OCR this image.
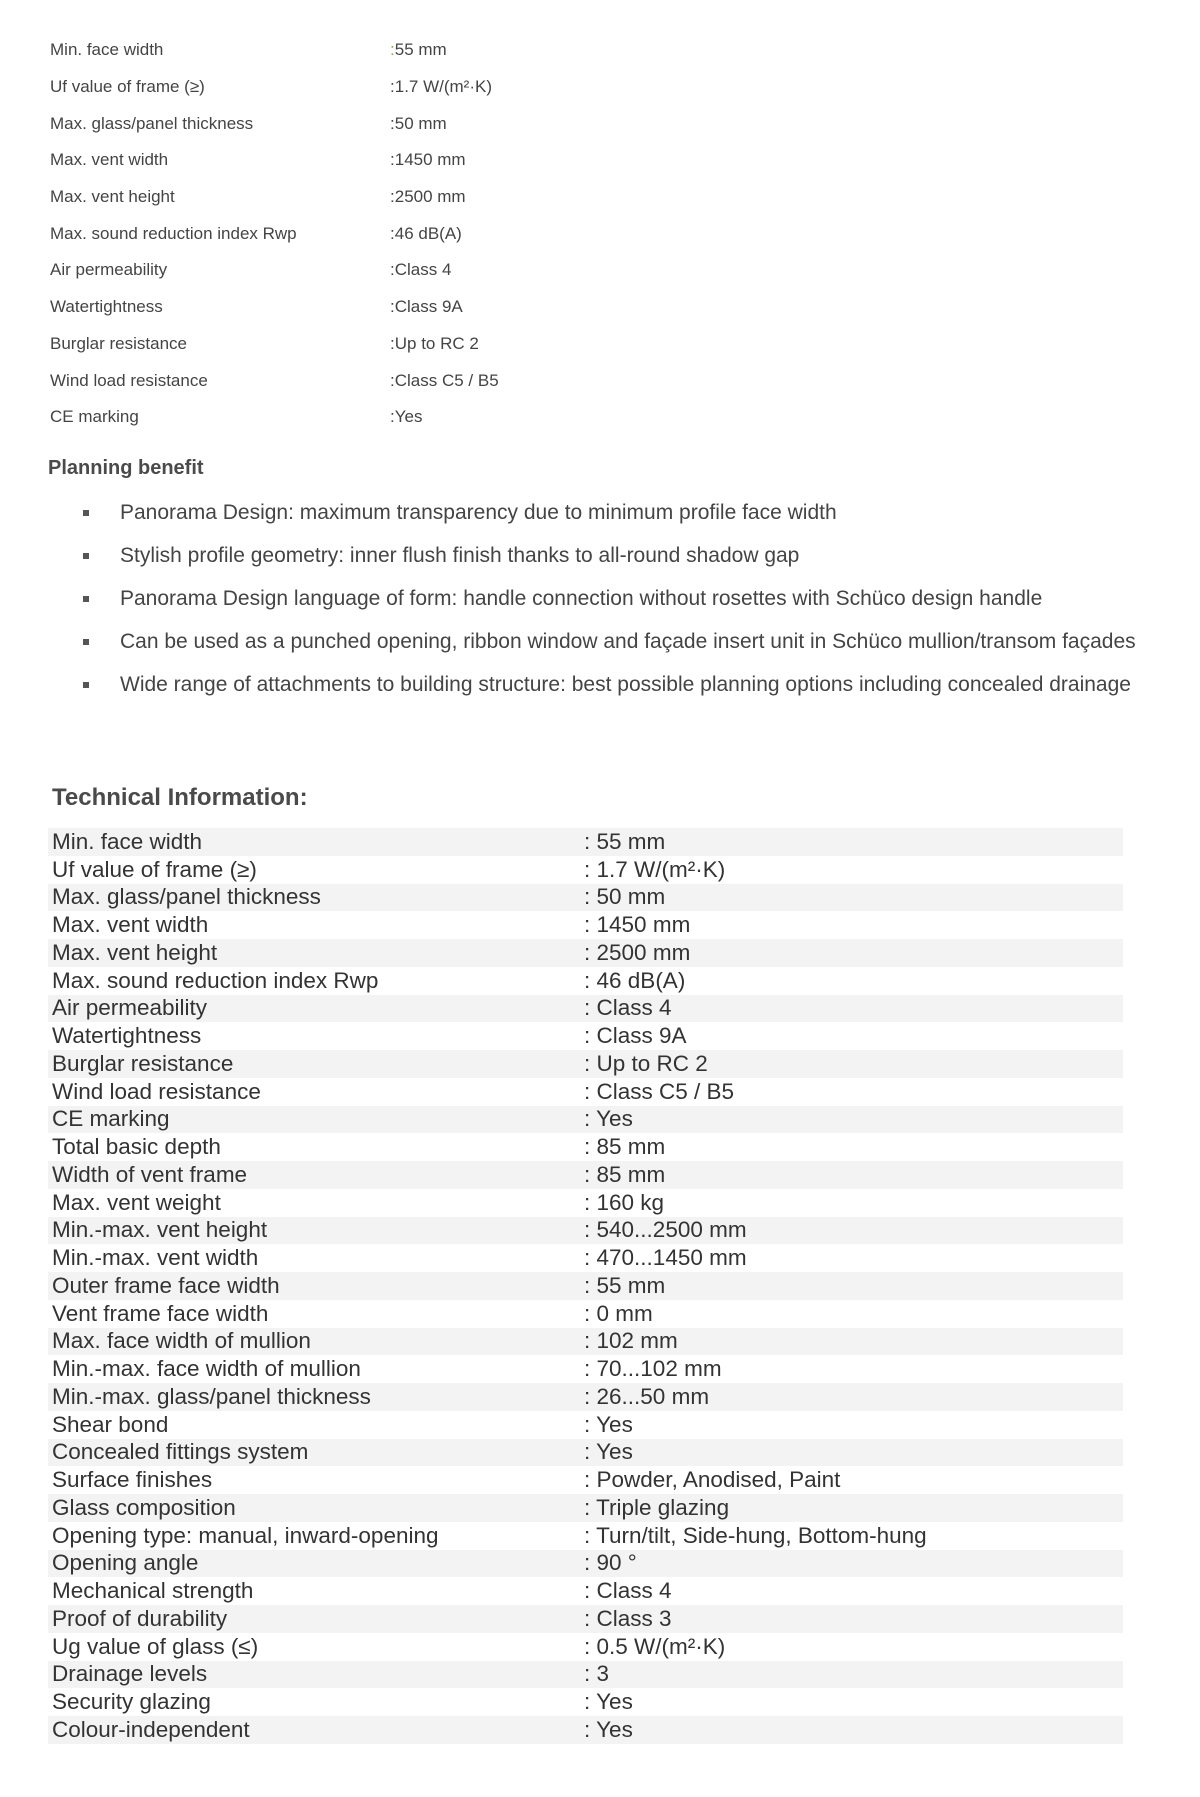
Min. face width	: 55 mm
Uf value of frame (≥)	: 1.7 W/(m²·K)
Max. glass/panel thickness	: 50 mm
Max. vent width	: 1450 mm
Max. vent height	: 2500 mm
Max. sound reduction index Rwp	: 46 dB(A)
Air permeability	: Class 4
Watertightness	: Class 9A
Burglar resistance	: Up to RC 2
Wind load resistance	: Class C5 / B5
CE marking	: Yes
Planning benefit
Panorama Design: maximum transparency due to minimum profile face width
Stylish profile geometry: inner flush finish thanks to all-round shadow gap
Panorama Design language of form: handle connection without rosettes with Schüco design handle
Can be used as a punched opening, ribbon window and façade insert unit in Schüco mullion/transom façades
Wide range of attachments to building structure: best possible planning options including concealed drainage
Technical Information:
Min. face width	: 55 mm
Uf value of frame (≥)	: 1.7 W/(m²·K)
Max. glass/panel thickness	: 50 mm
Max. vent width	: 1450 mm
Max. vent height	: 2500 mm
Max. sound reduction index Rwp	: 46 dB(A)
Air permeability	: Class 4
Watertightness	: Class 9A
Burglar resistance	: Up to RC 2
Wind load resistance	: Class C5 / B5
CE marking	: Yes
Total basic depth	: 85 mm
Width of vent frame	: 85 mm
Max. vent weight	: 160 kg
Min.-max. vent height	: 540...2500 mm
Min.-max. vent width	: 470...1450 mm
Outer frame face width	: 55 mm
Vent frame face width	: 0 mm
Max. face width of mullion	: 102 mm
Min.-max. face width of mullion	: 70...102 mm
Min.-max. glass/panel thickness	: 26...50 mm
Shear bond	: Yes
Concealed fittings system	: Yes
Surface finishes	: Powder, Anodised, Paint
Glass composition	: Triple glazing
Opening type: manual, inward-opening	: Turn/tilt, Side-hung, Bottom-hung
Opening angle	: 90 °
Mechanical strength	: Class 4
Proof of durability	: Class 3
Ug value of glass (≤)	: 0.5 W/(m²·K)
Drainage levels	: 3
Security glazing	: Yes
Colour-independent	: Yes
